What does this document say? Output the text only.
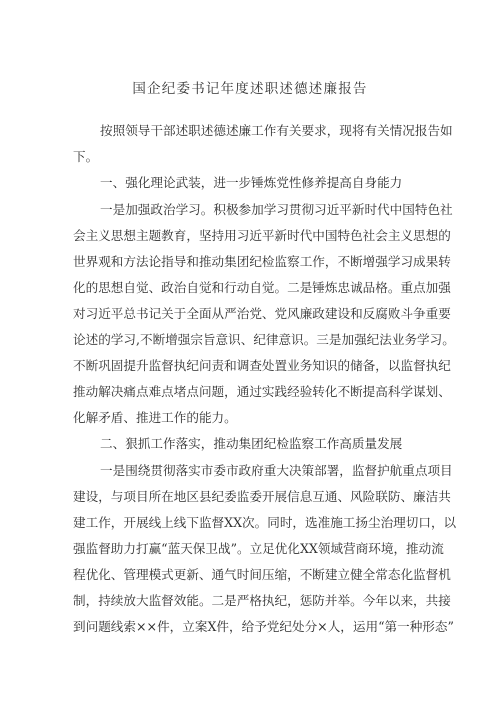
国企纪委书记年度述职述德述廉报告
按照领导干部述职述德述廉工作有关要求，现将有关情况报告如
下。
一、强化理论武装，进一步锤炼党性修养提高自身能力
一是加强政治学习。积极参加学习贯彻习近平新时代中国特色社
会主义思想主题教育，坚持用习近平新时代中国特色社会主义思想的
世界观和方法论指导和推动集团纪检监察工作，不断增强学习成果转
化的思想自觉、政治自觉和行动自觉。二是锤炼忠诚品格。重点加强
对习近平总书记关于全面从严治党、党风廉政建设和反腐败斗争重要
论述的学习,不断增强宗旨意识、纪律意识。三是加强纪法业务学习。
不断巩固提升监督执纪问责和调查处置业务知识的储备，以监督执纪
推动解决痛点难点堵点问题，通过实践经验转化不断提高科学谋划、
化解矛盾、推进工作的能力。
二、狠抓工作落实，推动集团纪检监察工作高质量发展
一是围绕贯彻落实市委市政府重大决策部署，监督护航重点项目
建设，与项目所在地区县纪委监委开展信息互通、风险联防、廉洁共
建工作，开展线上线下监督XX次。同时，选准施工扬尘治理切口，以
强监督助力打赢“蓝天保卫战”。立足优化XX领域营商环境，推动流
程优化、管理模式更新、通气时间压缩，不断建立健全常态化监督机
制，持续放大监督效能。二是严格执纪，惩防并举。今年以来，共接
到问题线索××件，立案X件，给予党纪处分×人，运用“第一种形态”
